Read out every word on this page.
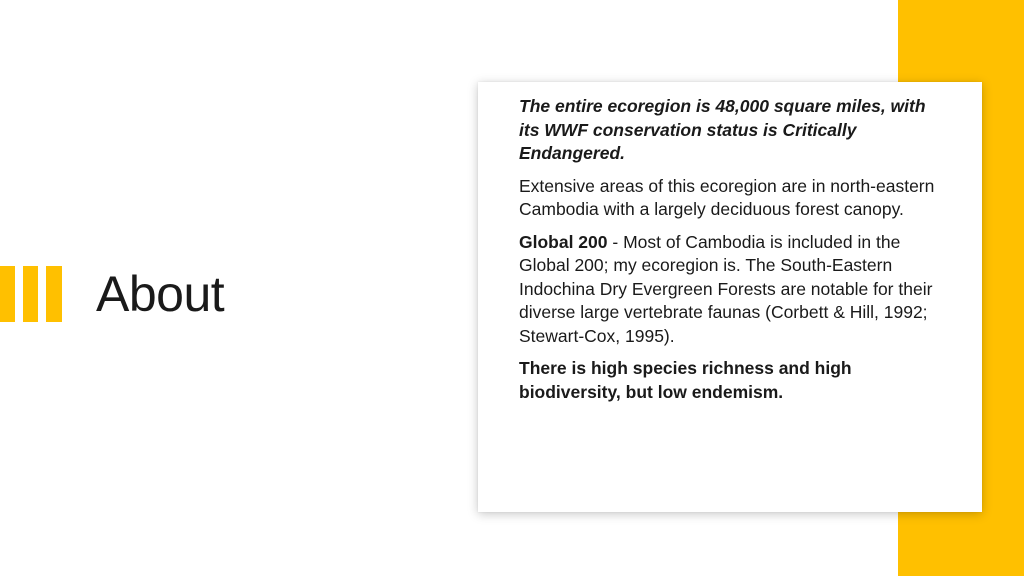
About

The entire ecoregion is 48,000 square miles, with its WWF conservation status is Critically Endangered.

Extensive areas of this ecoregion are in north-eastern Cambodia with a largely deciduous forest canopy.

Global 200 - Most of Cambodia is included in the Global 200; my ecoregion is. The South-Eastern Indochina Dry Evergreen Forests are notable for their diverse large vertebrate faunas (Corbett & Hill, 1992; Stewart-Cox, 1995).

There is high species richness and high biodiversity, but low endemism.
